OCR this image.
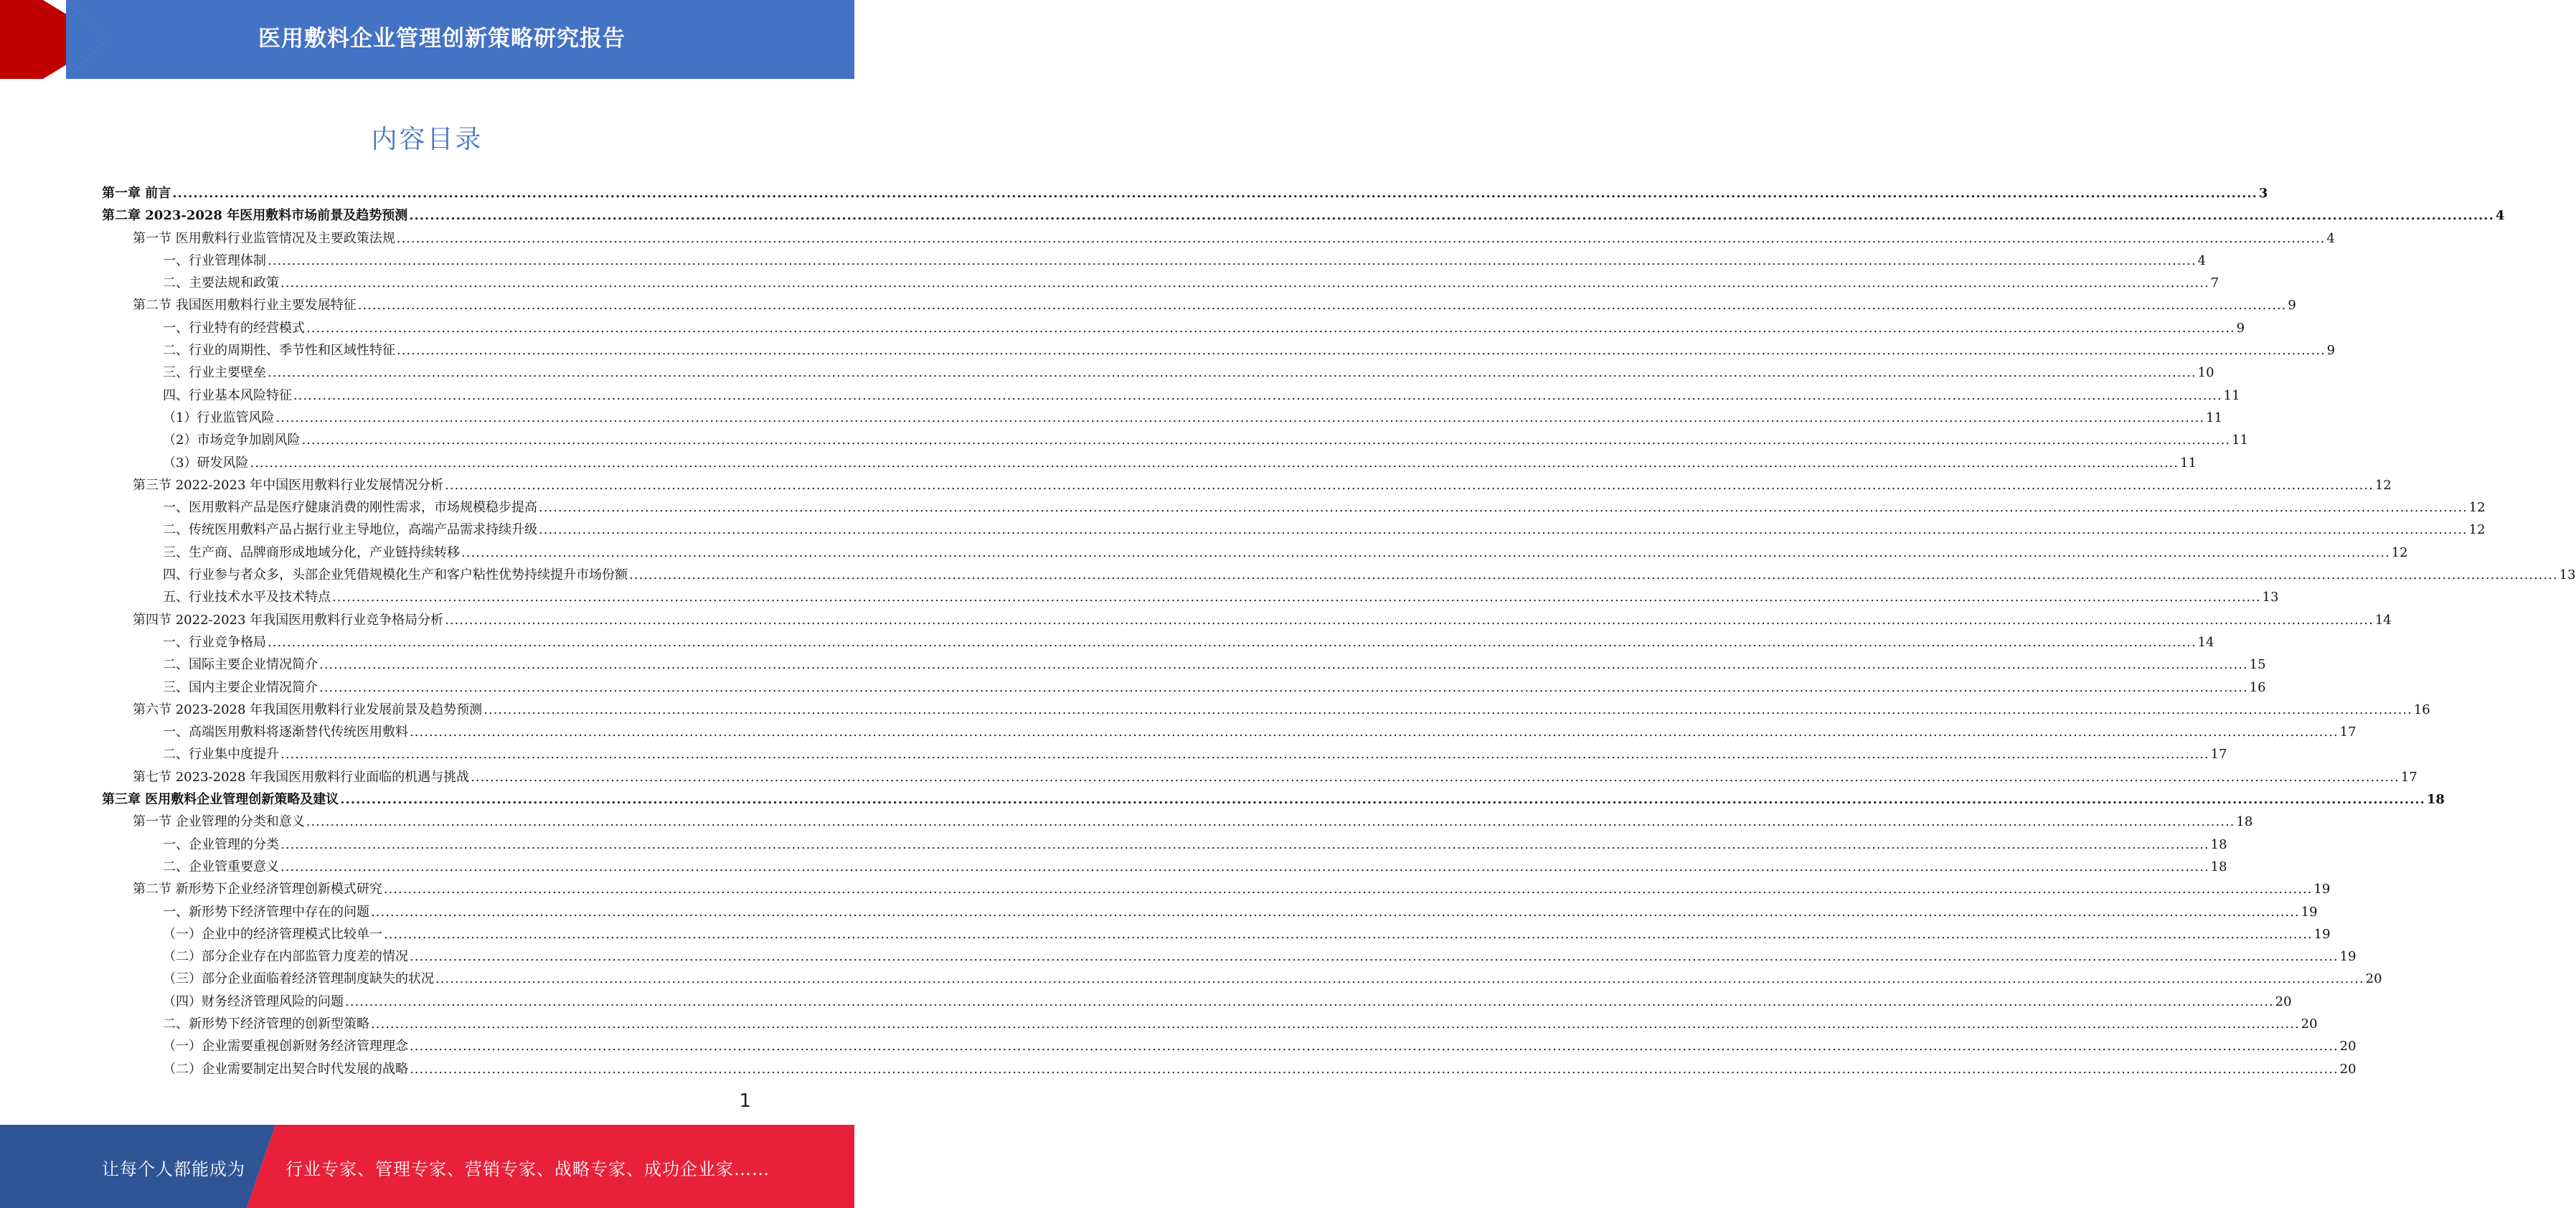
医用敷料企业管理创新策略研究报告
内容目录
第一章 前言 ................................................................................................................................................................................................................................................................................................................................................................................................................ 3
第二章 2023-2028 年医用敷料市场前景及趋势预测 ................................................................................................................................................................................................................................................................................................................................................................................................................ 4
第一节 医用敷料行业监管情况及主要政策法规 ................................................................................................................................................................................................................................................................................................................................................................................................................ 4
一、行业管理体制 ................................................................................................................................................................................................................................................................................................................................................................................................................ 4
二、主要法规和政策 ................................................................................................................................................................................................................................................................................................................................................................................................................ 7
第二节 我国医用敷料行业主要发展特征 ................................................................................................................................................................................................................................................................................................................................................................................................................ 9
一、行业特有的经营模式 ................................................................................................................................................................................................................................................................................................................................................................................................................ 9
二、行业的周期性、季节性和区域性特征 ................................................................................................................................................................................................................................................................................................................................................................................................................ 9
三、行业主要壁垒 ................................................................................................................................................................................................................................................................................................................................................................................................................ 10
四、行业基本风险特征 ................................................................................................................................................................................................................................................................................................................................................................................................................ 11
（1）行业监管风险 ................................................................................................................................................................................................................................................................................................................................................................................................................ 11
（2）市场竞争加剧风险 ................................................................................................................................................................................................................................................................................................................................................................................................................ 11
（3）研发风险 ................................................................................................................................................................................................................................................................................................................................................................................................................ 11
第三节 2022-2023 年中国医用敷料行业发展情况分析 ................................................................................................................................................................................................................................................................................................................................................................................................................ 12
一、医用敷料产品是医疗健康消费的刚性需求，市场规模稳步提高 ................................................................................................................................................................................................................................................................................................................................................................................................................ 12
二、传统医用敷料产品占据行业主导地位，高端产品需求持续升级 ................................................................................................................................................................................................................................................................................................................................................................................................................ 12
三、生产商、品牌商形成地域分化，产业链持续转移 ................................................................................................................................................................................................................................................................................................................................................................................................................ 12
四、行业参与者众多，头部企业凭借规模化生产和客户粘性优势持续提升市场份额 ................................................................................................................................................................................................................................................................................................................................................................................................................ 13
五、行业技术水平及技术特点 ................................................................................................................................................................................................................................................................................................................................................................................................................ 13
第四节 2022-2023 年我国医用敷料行业竞争格局分析 ................................................................................................................................................................................................................................................................................................................................................................................................................ 14
一、行业竞争格局 ................................................................................................................................................................................................................................................................................................................................................................................................................ 14
二、国际主要企业情况简介 ................................................................................................................................................................................................................................................................................................................................................................................................................ 15
三、国内主要企业情况简介 ................................................................................................................................................................................................................................................................................................................................................................................................................ 16
第六节 2023-2028 年我国医用敷料行业发展前景及趋势预测 ................................................................................................................................................................................................................................................................................................................................................................................................................ 16
一、高端医用敷料将逐渐替代传统医用敷料 ................................................................................................................................................................................................................................................................................................................................................................................................................ 17
二、行业集中度提升 ................................................................................................................................................................................................................................................................................................................................................................................................................ 17
第七节 2023-2028 年我国医用敷料行业面临的机遇与挑战 ................................................................................................................................................................................................................................................................................................................................................................................................................ 17
第三章 医用敷料企业管理创新策略及建议 ................................................................................................................................................................................................................................................................................................................................................................................................................ 18
第一节 企业管理的分类和意义 ................................................................................................................................................................................................................................................................................................................................................................................................................ 18
一、企业管理的分类 ................................................................................................................................................................................................................................................................................................................................................................................................................ 18
二、企业管重要意义 ................................................................................................................................................................................................................................................................................................................................................................................................................ 18
第二节 新形势下企业经济管理创新模式研究 ................................................................................................................................................................................................................................................................................................................................................................................................................ 19
一、新形势下经济管理中存在的问题 ................................................................................................................................................................................................................................................................................................................................................................................................................ 19
（一）企业中的经济管理模式比较单一 ................................................................................................................................................................................................................................................................................................................................................................................................................ 19
（二）部分企业存在内部监管力度差的情况 ................................................................................................................................................................................................................................................................................................................................................................................................................ 19
（三）部分企业面临着经济管理制度缺失的状况 ................................................................................................................................................................................................................................................................................................................................................................................................................ 20
（四）财务经济管理风险的问题 ................................................................................................................................................................................................................................................................................................................................................................................................................ 20
二、新形势下经济管理的创新型策略 ................................................................................................................................................................................................................................................................................................................................................................................................................ 20
（一）企业需要重视创新财务经济管理理念 ................................................................................................................................................................................................................................................................................................................................................................................................................ 20
（二）企业需要制定出契合时代发展的战略 ................................................................................................................................................................................................................................................................................................................................................................................................................ 20
1
让每个人都能成为 行业专家、管理专家、营销专家、战略专家、成功企业家……
